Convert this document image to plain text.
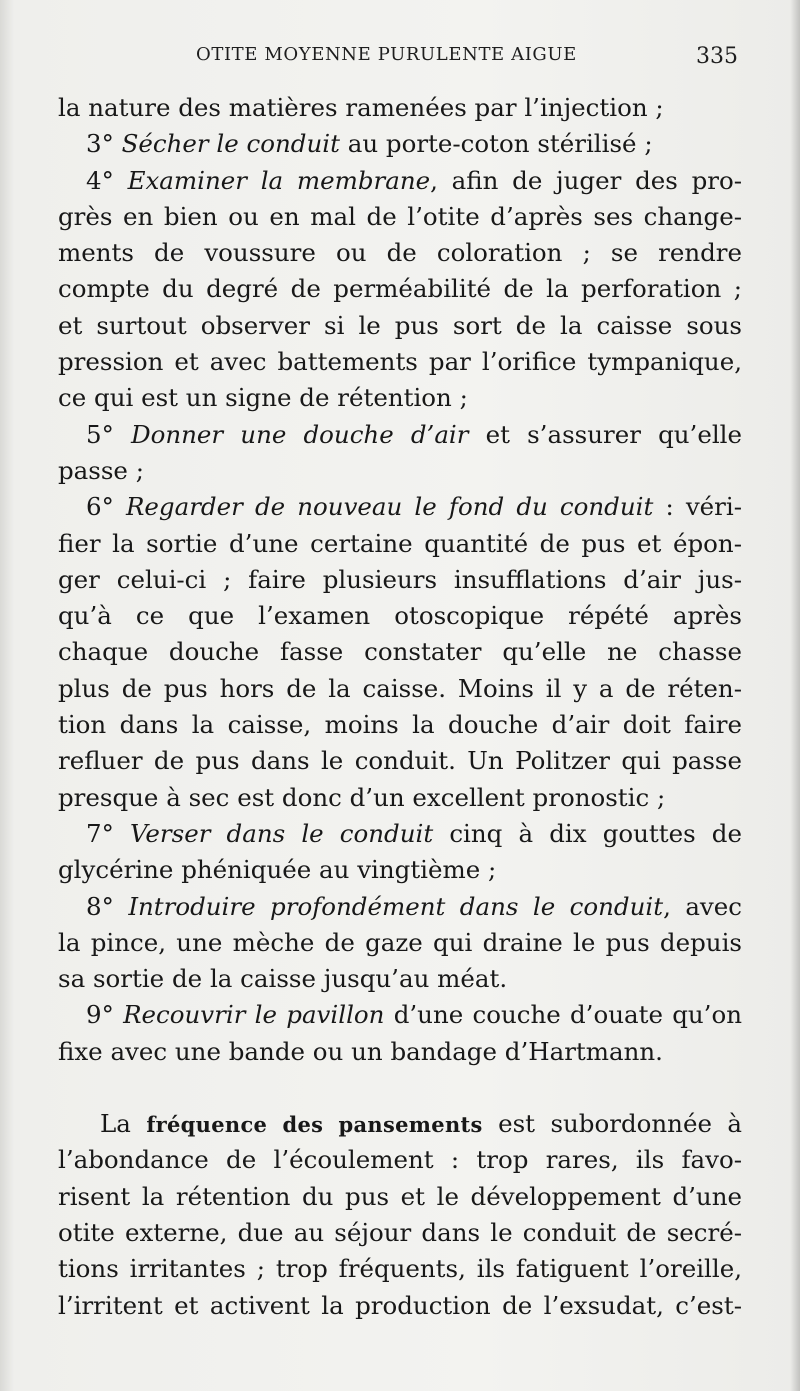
OTITE MOYENNE PURULENTE AIGUE	335
la nature des matières ramenées par l’injection ;
3° Sécher le conduit au porte-coton stérilisé ;
4° Examiner la membrane, afin de juger des pro-
grès en bien ou en mal de l’otite d’après ses change-
ments de voussure ou de coloration ; se rendre
compte du degré de perméabilité de la perforation ;
et surtout observer si le pus sort de la caisse sous
pression et avec battements par l’orifice tympanique,
ce qui est un signe de rétention ;
5° Donner une douche d’air et s’assurer qu’elle
passe ;
6° Regarder de nouveau le fond du conduit : véri-
fier la sortie d’une certaine quantité de pus et épon-
ger celui-ci ; faire plusieurs insufflations d’air jus-
qu’à ce que l’examen otoscopique répété après
chaque douche fasse constater qu’elle ne chasse
plus de pus hors de la caisse. Moins il y a de réten-
tion dans la caisse, moins la douche d’air doit faire
refluer de pus dans le conduit. Un Politzer qui passe
presque à sec est donc d’un excellent pronostic ;
7° Verser dans le conduit cinq à dix gouttes de
glycérine phéniquée au vingtième ;
8° Introduire profondément dans le conduit, avec
la pince, une mèche de gaze qui draine le pus depuis
sa sortie de la caisse jusqu’au méat.
9° Recouvrir le pavillon d’une couche d’ouate qu’on
fixe avec une bande ou un bandage d’Hartmann.
La fréquence des pansements est subordonnée à
l’abondance de l’écoulement : trop rares, ils favo-
risent la rétention du pus et le développement d’une
otite externe, due au séjour dans le conduit de secré-
tions irritantes ; trop fréquents, ils fatiguent l’oreille,
l’irritent et activent la production de l’exsudat, c’est-
